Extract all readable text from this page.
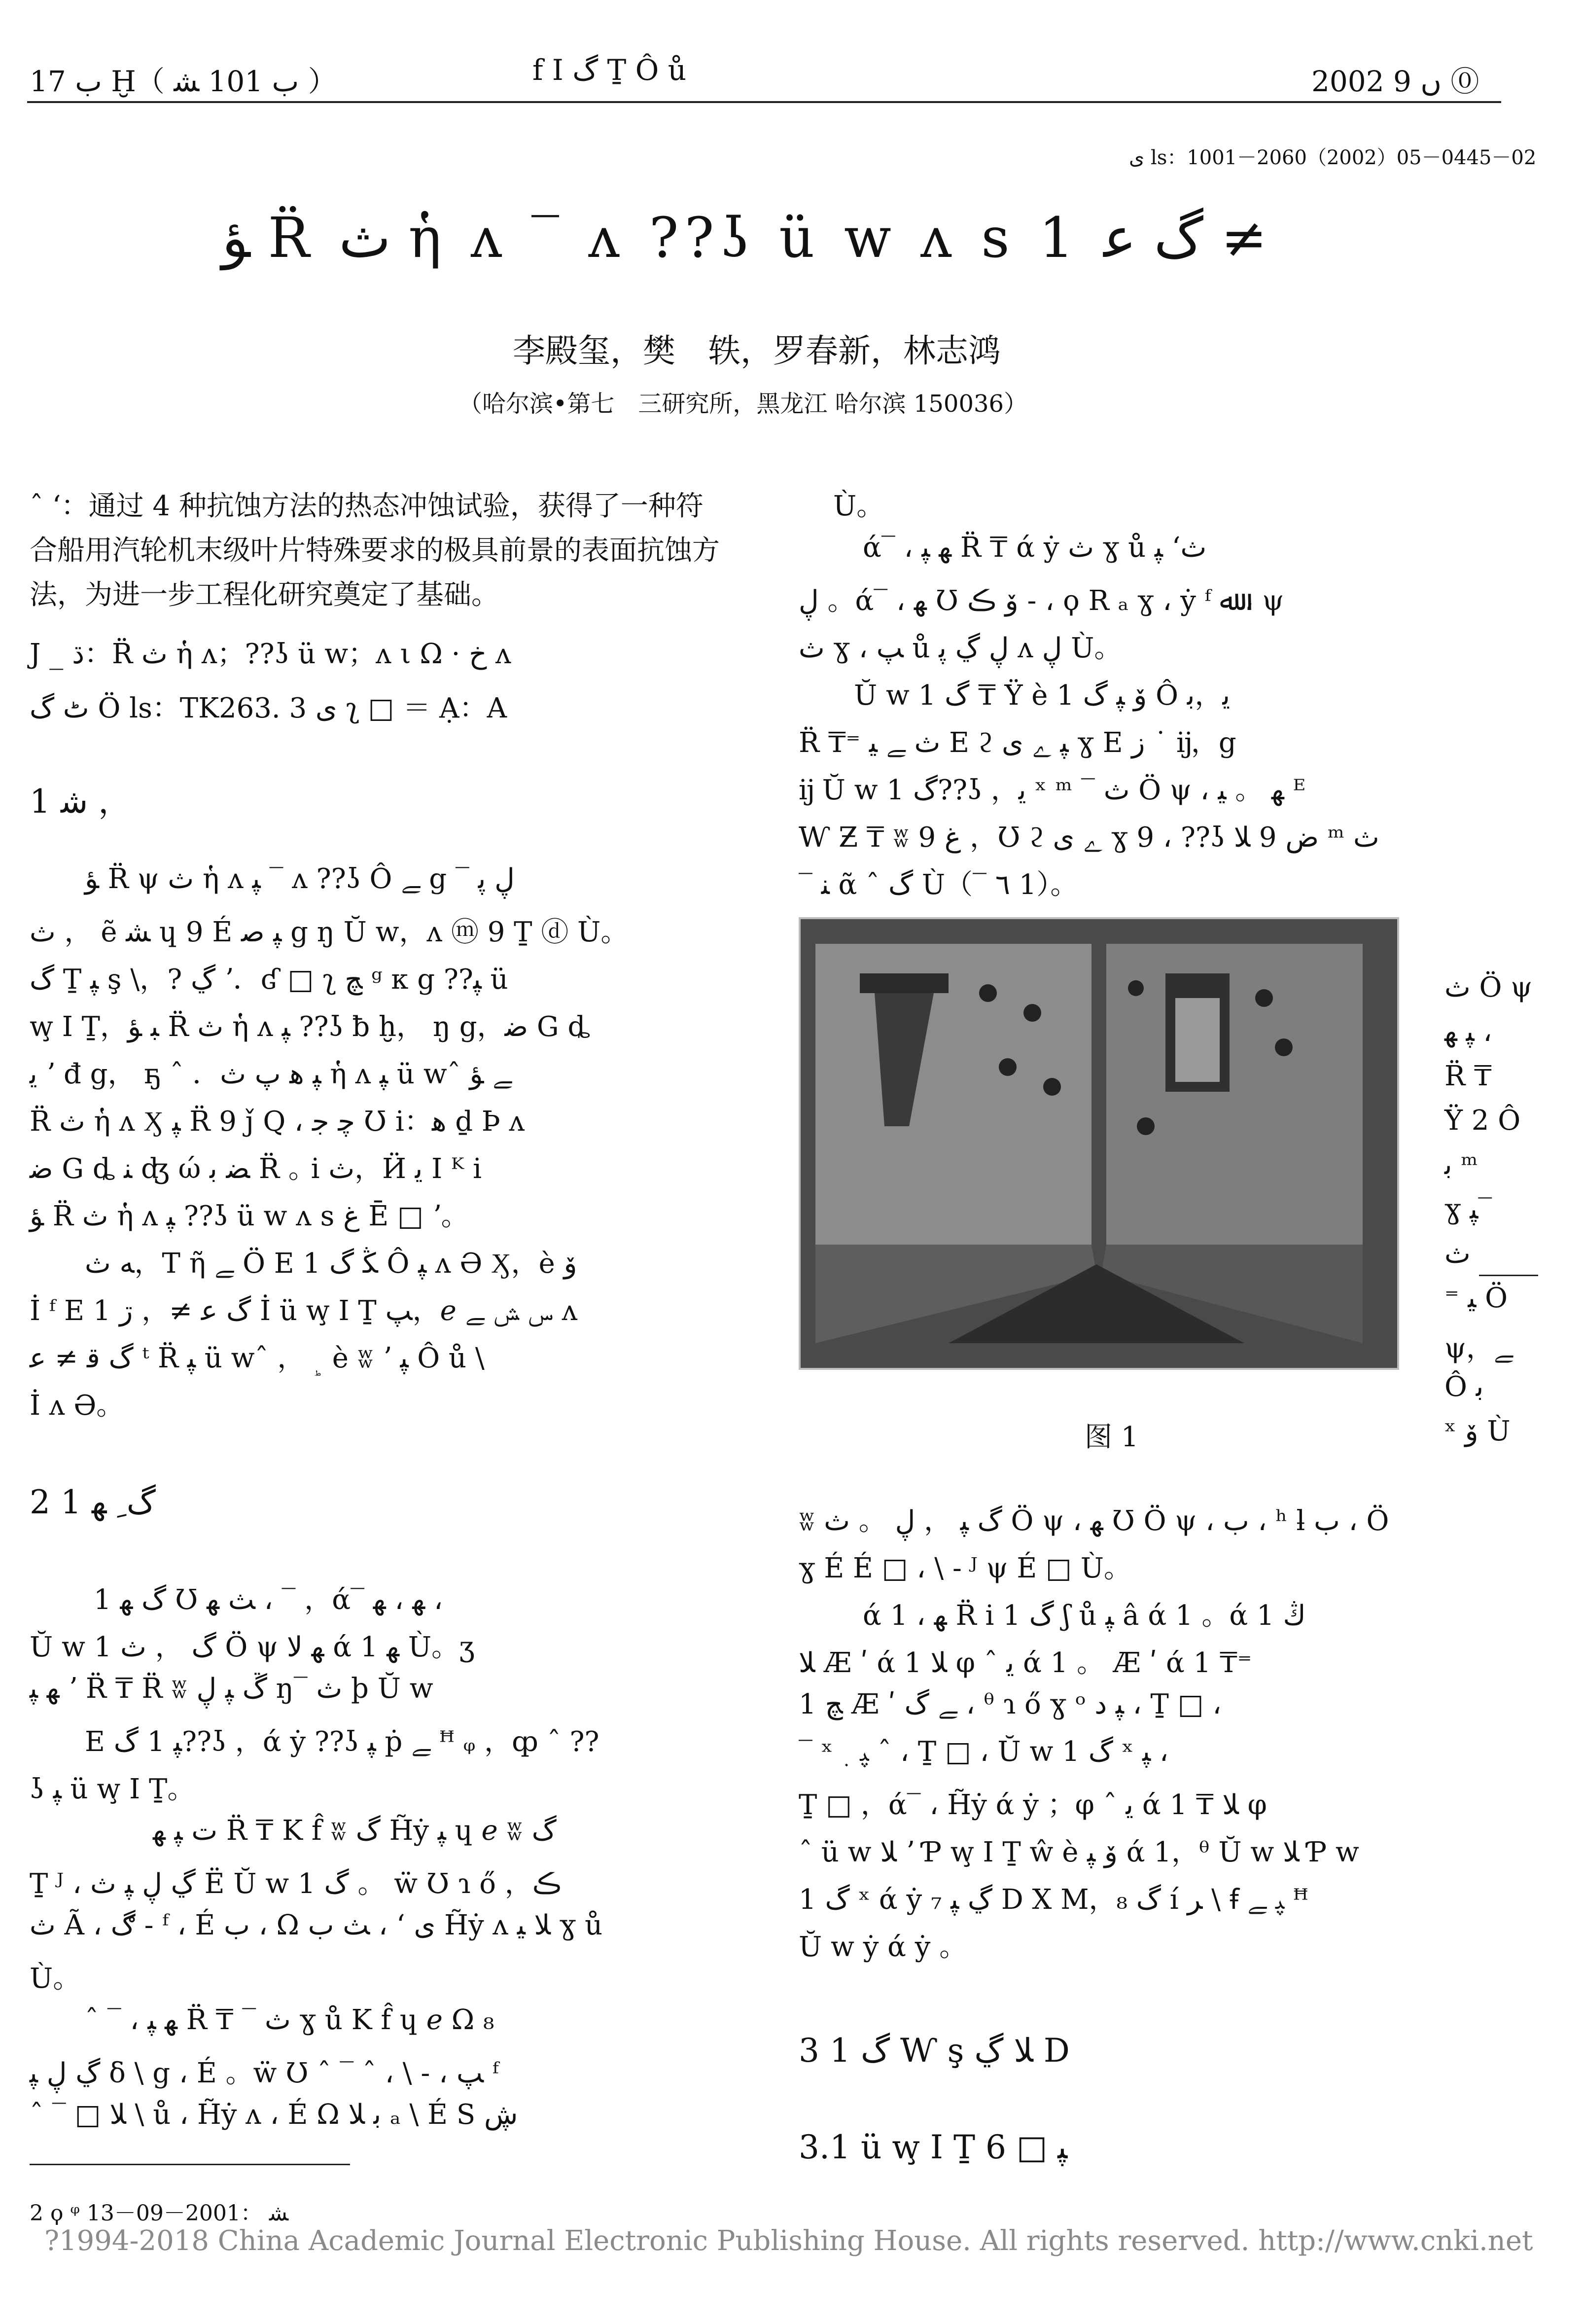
ب 17 Ḫ（ ب 101 ﺸ ）	f I گ Ṯ Ô ů	2002 ں 9 ⓪
ى ls：1001－2060（2002）05－0445－02
ﺆ R̈ ث ἡ ʌ ‾ ʌ ??ʖ ü w ʌ s 1 گ ﻋ ≠
李殿玺，樊　轶，罗春新，林志鸿
（哈尔滨•第七　三研究所，黑龙江 哈尔滨 150036）
ˆ ʻ：通过 4 种抗蚀方法的热态冲蚀试验，获得了一种符
合船用汽轮机末级叶片特殊要求的极具前景的表面抗蚀方
法，为进一步工程化研究奠定了基础。
J _ ڌ：R̈ ث ἡ ʌ；??ʖ ü w；ʌ ι Ω · خ ʌ
ٹ گ Ö ls：TK263. 3 ى ʅ □ ＝ Ạ：A
1 ﺷ ，
ﺆ R̈ ψ ث ἡ ʌ ﭙ ‾ ʌ ??ʖ Ô ﮯ g ‾ ڸ ﭘ
ث ， ẽ ﺸ ɥ 9 É ﭙ ﺻ g ŋ Ŭ w，ʌ ⓜ 9 Ṯ ⓓ Ù。
گ Ṯ ﭙ ş \，? ڲ ʼ．ʛ □ ʅ ﭻ ᵍ к g ??ﭙ ü
w̧ I Ṯ，ﺒ ﺆ R̈ ث ἡ ʌ ﭙ ??ʖ ƀ ḫ， ŋ g，ﺿ G ȡ
ﯾ ʼ đ g， ҕ ˆ ．ﭙ ﮬ پ ث ἡ ʌ ﭙ ü wˆ ﮯ ﺆ
R̈ ث ἡ ʌ Ӽ ﭙ R̈ 9 ǰ Q ، ﭼ ﺟ Ʊ i：ﻫ ḏ Þ ʌ
ﺿ G ȡ ﻨ ʤ ώ ﻀ ﺑ R̈ ｡ i ث，Ӥ ﻳ I ᴷ i
ﺆ R̈ ث ἡ ʌ ﭙ ??ʖ ü w ʌ s ﻍ Ē □ ʼ。
ﻪ ث，T ῆ ﮯ Ö E 1 ﯖ گ Ô ﭙ ʌ Ə Ӽ，è ﯙ
İ ᶠ E 1 گ ﻋ ≠， ڗ İ ü w̧ I Ṯ ﭗ，ℯ ﺱ ﺶ ﮯ ʌ
گ ﻗ ≠ ﻋ ᵗ R̈ ﭙ ü wˆ ， ﯁ è ʬ ʼ ﭙ Ô ů \
İ ʌ Ə。
2 1 گ ِ ﻬ
1 ﮒ ﻬ Ʊ ﺚ ﻬ ، ‾ ，ά‾ ﻬ ، ﻬ ،
Ŭ w 1 گ ， ث Ö ψ ﻬ ﻻ ά 1 ﻬ Ù。ʒ
ﻬ ﭙ ʼ R̈ ₸ R̈ ʬ ڱ ﭙ ڸ ŋ‾ ث þ Ŭ w
E ﭙ 1 گ??ʖ ，ά ẏ ??ʖ ﭙ ṗ ﮯ ꟸ ᵩ ，ȹ ˆ ??
ʖ ﭙ ü w̧ I Ṯ。
ﺕ ﭙ ﻬ R̈ ₸ K f̂ ʬ گ H̃ẏ ﭙ ɥ ℯ ʬ گ
Ṯ ᴶ ، ڲ ڸ ﭙ ث Ë Ŭ w 1 گ 。 ẅ Ʊ ɿ ő ，ڪ
ث Ã ، ڰ ‐ ᶠ ، É ﺏ ، Ω ﺚ ﺏ ، ʻ ﻯ H̃ẏ ʌ ﻼ ﻴ ɣ ů
Ù。
ˆ ‾ ، ﻬ ﭙ R̈ ₸ ‾ ث ɣ ů K f̂ ɥ ℯ Ω ₈
ڲ ڸ ﭙ δ \ g ، É 。ẅ Ʊ ˆ ‾ ˆ ، \ ‐ ، ﭗ ᶠ
ˆ ‾ □ ﻼ \ ů ، H̃ẏ ʌ ، É Ω ﺑ ﻼ ₐ \ É S ڜ
2 ϙ ᵠ ﺸ ：2001－09－13
Ù。
ά‾ ، ﻬ ﭙ R̈ ₸ ά ẏ ث ɣ ů ﭙ ʻث
ڸ 。ά‾ ، ﻬ Ʊ ﯙ ڪ ‐ ، ϙ R ₐ ɣ ، ẏ ᶠ ﷲ ، ψ
ث ɣ ، ﭗ ů ڸ ڲ ﭘ ʌ ڸ Ù。
Ŭ w 1 گ ₸ Ÿ è 1 ﯙ ﭙ گ Ô ﻳ，ﺑ
R̈ ₸⁼ ث ﮯ ﻴ E ϩ ﭙ ﮮ ﻯ ɣ E ﺯ ˙ ĳ，g
ĳ Ŭ w 1 گ??ʖ ，ﻳ ˣ ᵐ ‾ ث Ö ψ ، ﻬ 。 ﻴ ᴱ
Ⱳ Ƶ ₸ ʬ ﻍ 9 ，Ʊ ϩ ﮮ ﻯ ɣ 9 ، ??ʖ ﺽ 9 ﻼ ᵐ ث
‾ ﻨ ᾶ ˆ گ Ù（‾ ٦ 1）。
图 1
ث Ö ψ
ﭙ ﻬ ،
R̈ ₸
Ÿ 2 Ô
ﺑ ᵐ
ɣ ﭙ‾
ث
⁼ ﻴ Ö
ψ，ﮯ
Ô ﺑ
ˣ ﯙ Ù
ʬ گ ﭙ ， ڸ 。 ث Ö ψ ، ﻬ Ʊ Ö ψ ، ﺏ ، ʰ ƚ ﺏ ، Ö
ɣ É É □ ، \ ‐ ᴶ ψ É □ Ù。
ά 1 ، ﻬ R̈ i 1 گ ʃ ů ﭙ â ά 1 。ά 1 ڭ
ﻼ Æ ʹ ά 1 ﻼ φ ˆ ﯾ ά 1 。 Æ ʹ ά 1 ₸⁼
1 ﭻ Æ ʹ ﮯ گ ، ᶿ ɿ ő ɣ ᵒ ﭙ ﺩ ، Ṯ □ ،
‾ ˣ ﭙ ﮳ ˆ ، Ṯ □ ، Ŭ w 1 گ ˣ ﭙ ،
Ṯ □ ，ά‾ ، H̃ẏ ά ẏ ；φ ˆ ﯾ ά 1 ₸ ﻼ φ
ˆ ü w ﻼ ʼ Ƥ w̧ I Ṯ ŵ è ﯙ ﭙ ά 1，ᶿ Ŭ w ﻼ Ƥ w
1 گ ˣ ά ẏ ₇ ڲ ﭙ D X M，₈ گ í ﺮ \ ꞙ ﭙ ﮯ ꟸ
Ŭ w ẏ ά ẏ 。
3 1 گ Ⱳ ş ﻼ ڲ D
3.1 ü w̧ I Ṯ ﭙ □ 6
?1994-2018 China Academic Journal Electronic Publishing House. All rights reserved. http://www.cnki.net
